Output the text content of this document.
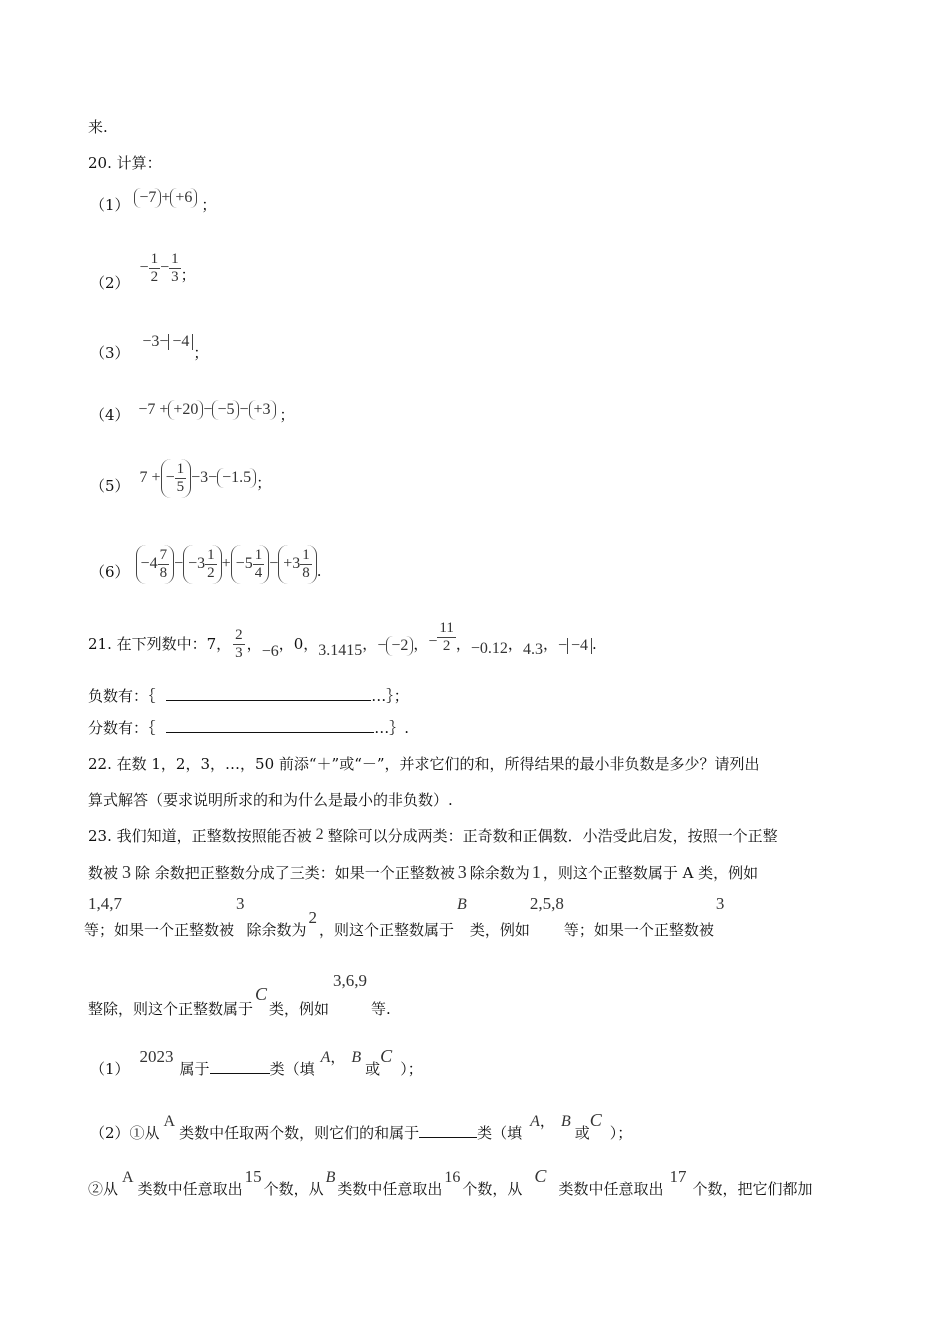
来.
20. 计算：
（1） −7 + +6 ；
（2）
− $\frac{1}{2} - \frac{1}{3}$ ；
（3） −3− −4；
（4） −7 + +20 − −5 − +3 ；
（5） 7 + − $\frac{1}{5} -3- -1.5$ ；
$(6) -4 \frac{7}{8} - -3 \frac{1}{2} + -5 \frac{1}{4} - +3 \frac{1}{8}$ .
21. 在下列数中：7， $\frac{2}{3}$ ， −6 ， 0 ， 3.1415 ， − −2 ， − $\frac{11}{2}$ ， −0.12 ， 4.3 ， − −4 .
负数有：｛	…｝；
分数有：｛	…｝.
22. 在数 1，2，3，…，50 前添“＋”或“－”，并求它们的和，所得结果的最小非负数是多少？请列出
算式解答（要求说明所求的和为什么是最小的非负数）.
23. 我们知道，正整数按照能否被 2 整除可以分成两类：正奇数和正偶数．小浩受此启发，按照一个正整
数被 3 除 余数把正整数分成了三类：如果一个正整数被 3 除余数为 1 ，则这个正整数属于 A 类，例如
1,4,7等；如果一个正整数被3除余数为2，则这个正整数属于B类，例如2,5,8等；如果一个正整数被3
整除，则这个正整数属于C类，例如3,6,9等.
（1）2023属于	类（填A， B或C）；
（2）①从A类数中任取两个数，则它们的和属于	类（填A， B或C）；
②从A类数中任意取出15个数，从B类数中任意取出16个数，从C类数中任意取出17个数，把它们都加
